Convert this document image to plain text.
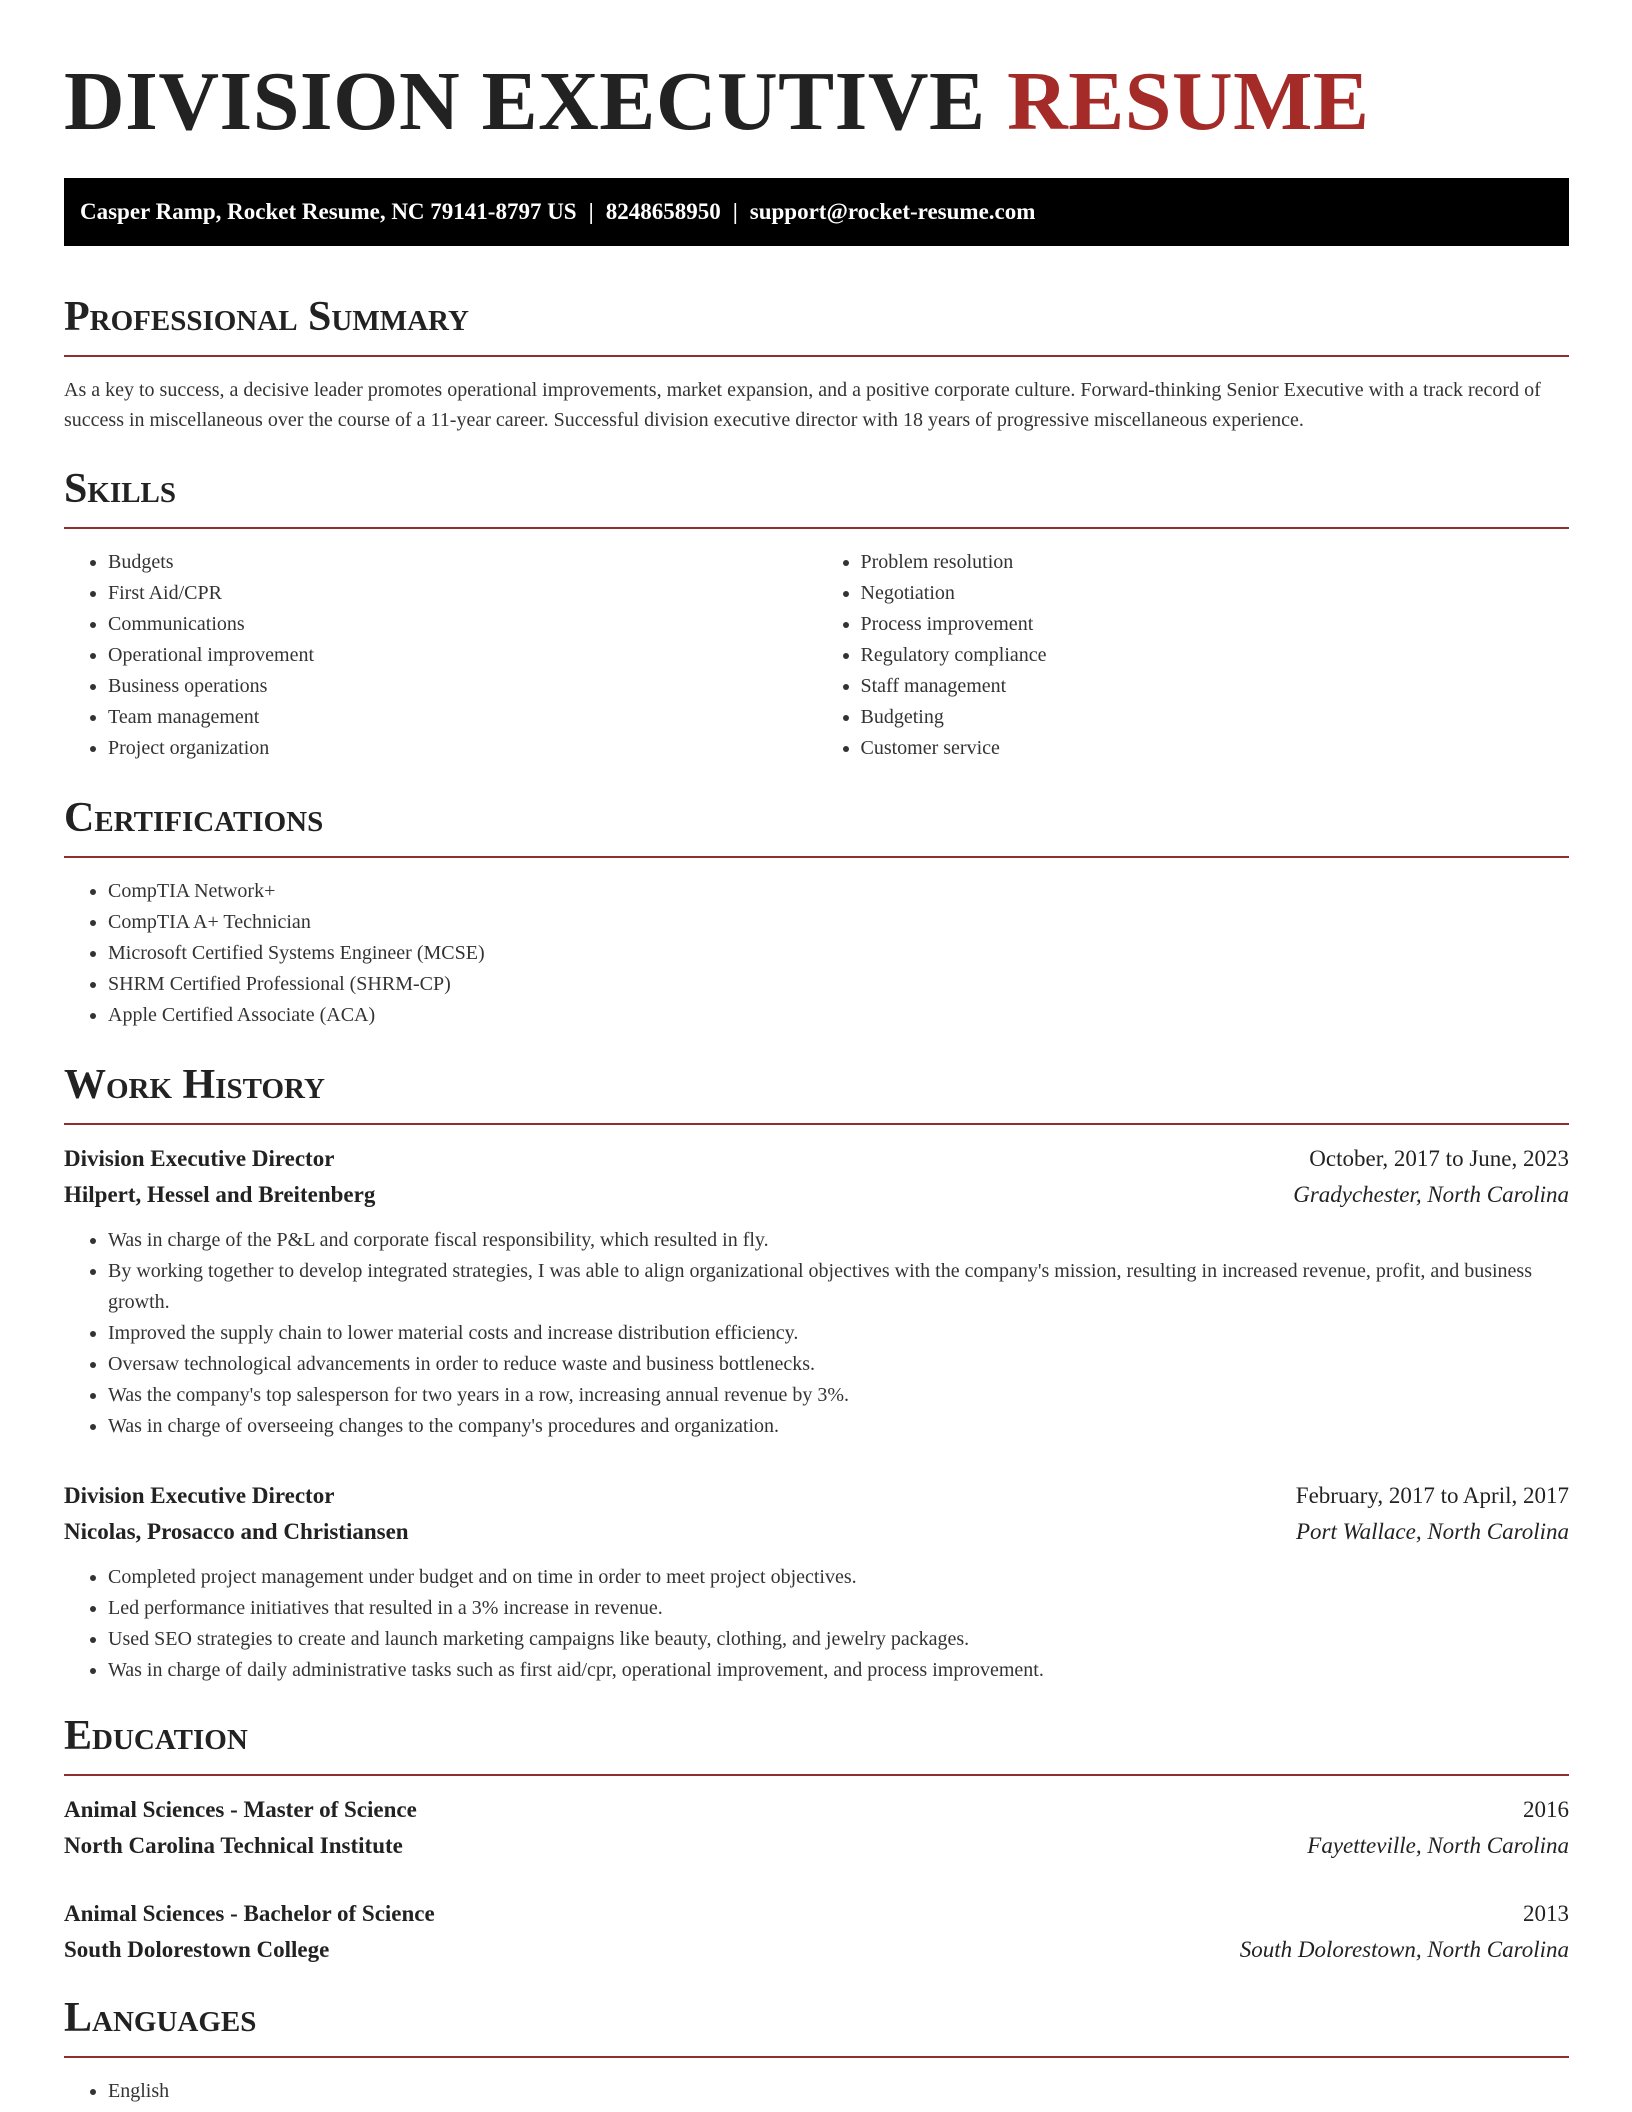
DIVISION EXECUTIVE RESUME
Casper Ramp, Rocket Resume, NC 79141-8797 US | 8248658950 | support@rocket-resume.com
Professional Summary

As a key to success, a decisive leader promotes operational improvements, market expansion, and a positive corporate culture. Forward-thinking Senior Executive with a track record of success in miscellaneous over the course of a 11-year career. Successful division executive director with 18 years of progressive miscellaneous experience.

Skills
• Budgets
• First Aid/CPR
• Communications
• Operational improvement
• Business operations
• Team management
• Project organization
• Problem resolution
• Negotiation
• Process improvement
• Regulatory compliance
• Staff management
• Budgeting
• Customer service
Certifications
• CompTIA Network+
• CompTIA A+ Technician
• Microsoft Certified Systems Engineer (MCSE)
• SHRM Certified Professional (SHRM-CP)
• Apple Certified Associate (ACA)
Work History
Division Executive Director	October, 2017 to June, 2023
Hilpert, Hessel and Breitenberg	Gradychester, North Carolina
• Was in charge of the P&L and corporate fiscal responsibility, which resulted in fly.
• By working together to develop integrated strategies, I was able to align organizational objectives with the company's mission, resulting in increased revenue, profit, and business growth.
• Improved the supply chain to lower material costs and increase distribution efficiency.
• Oversaw technological advancements in order to reduce waste and business bottlenecks.
• Was the company's top salesperson for two years in a row, increasing annual revenue by 3%.
• Was in charge of overseeing changes to the company's procedures and organization.
Division Executive Director	February, 2017 to April, 2017
Nicolas, Prosacco and Christiansen	Port Wallace, North Carolina
• Completed project management under budget and on time in order to meet project objectives.
• Led performance initiatives that resulted in a 3% increase in revenue.
• Used SEO strategies to create and launch marketing campaigns like beauty, clothing, and jewelry packages.
• Was in charge of daily administrative tasks such as first aid/cpr, operational improvement, and process improvement.
Education
Animal Sciences - Master of Science	2016
North Carolina Technical Institute	Fayetteville, North Carolina
Animal Sciences - Bachelor of Science	2013
South Dolorestown College	South Dolorestown, North Carolina
Languages
• English
